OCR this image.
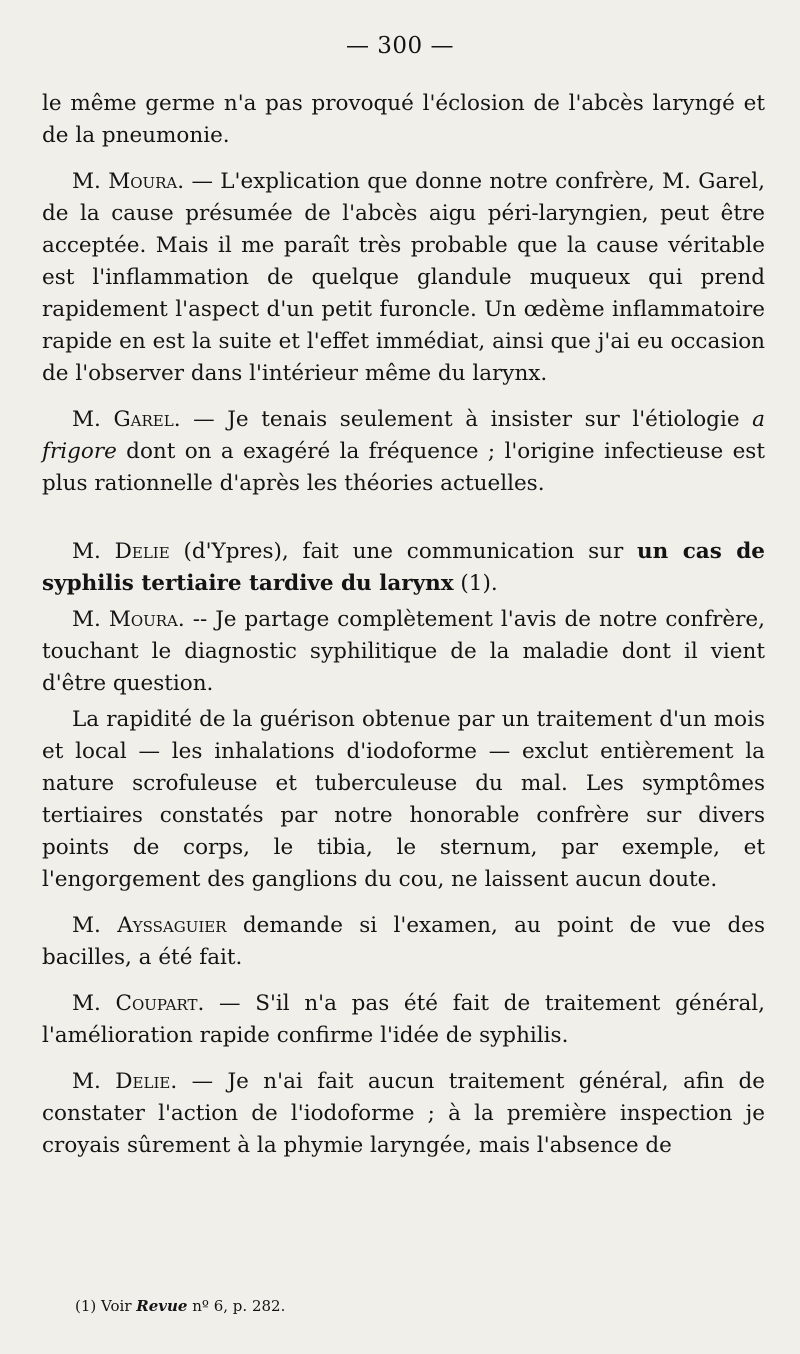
— 300 —

le même germe n'a pas provoqué l'éclosion de l'abcès laryngé et de la pneumonie.

M. Moura. — L'explication que donne notre confrère, M. Garel, de la cause présumée de l'abcès aigu péri-laryngien, peut être acceptée. Mais il me paraît très probable que la cause véritable est l'inflammation de quelque glandule muqueux qui prend rapidement l'aspect d'un petit furoncle. Un œdème inflammatoire rapide en est la suite et l'effet immédiat, ainsi que j'ai eu occasion de l'observer dans l'intérieur même du larynx.

M. Garel. — Je tenais seulement à insister sur l'étiologie a frigore dont on a exagéré la fréquence ; l'origine infectieuse est plus rationnelle d'après les théories actuelles.

M. Delie (d'Ypres), fait une communication sur un cas de syphilis tertiaire tardive du larynx (1).

M. Moura. -- Je partage complètement l'avis de notre confrère, touchant le diagnostic syphilitique de la maladie dont il vient d'être question.

La rapidité de la guérison obtenue par un traitement d'un mois et local — les inhalations d'iodoforme — exclut entièrement la nature scrofuleuse et tuberculeuse du mal. Les symptômes tertiaires constatés par notre honorable confrère sur divers points de corps, le tibia, le sternum, par exemple, et l'engorgement des ganglions du cou, ne laissent aucun doute.

M. Ayssaguier demande si l'examen, au point de vue des bacilles, a été fait.

M. Coupart. — S'il n'a pas été fait de traitement général, l'amélioration rapide confirme l'idée de syphilis.

M. Delie. — Je n'ai fait aucun traitement général, afin de constater l'action de l'iodoforme ; à la première inspection je croyais sûrement à la phymie laryngée, mais l'absence de

(1) Voir Revue nº 6, p. 282.
